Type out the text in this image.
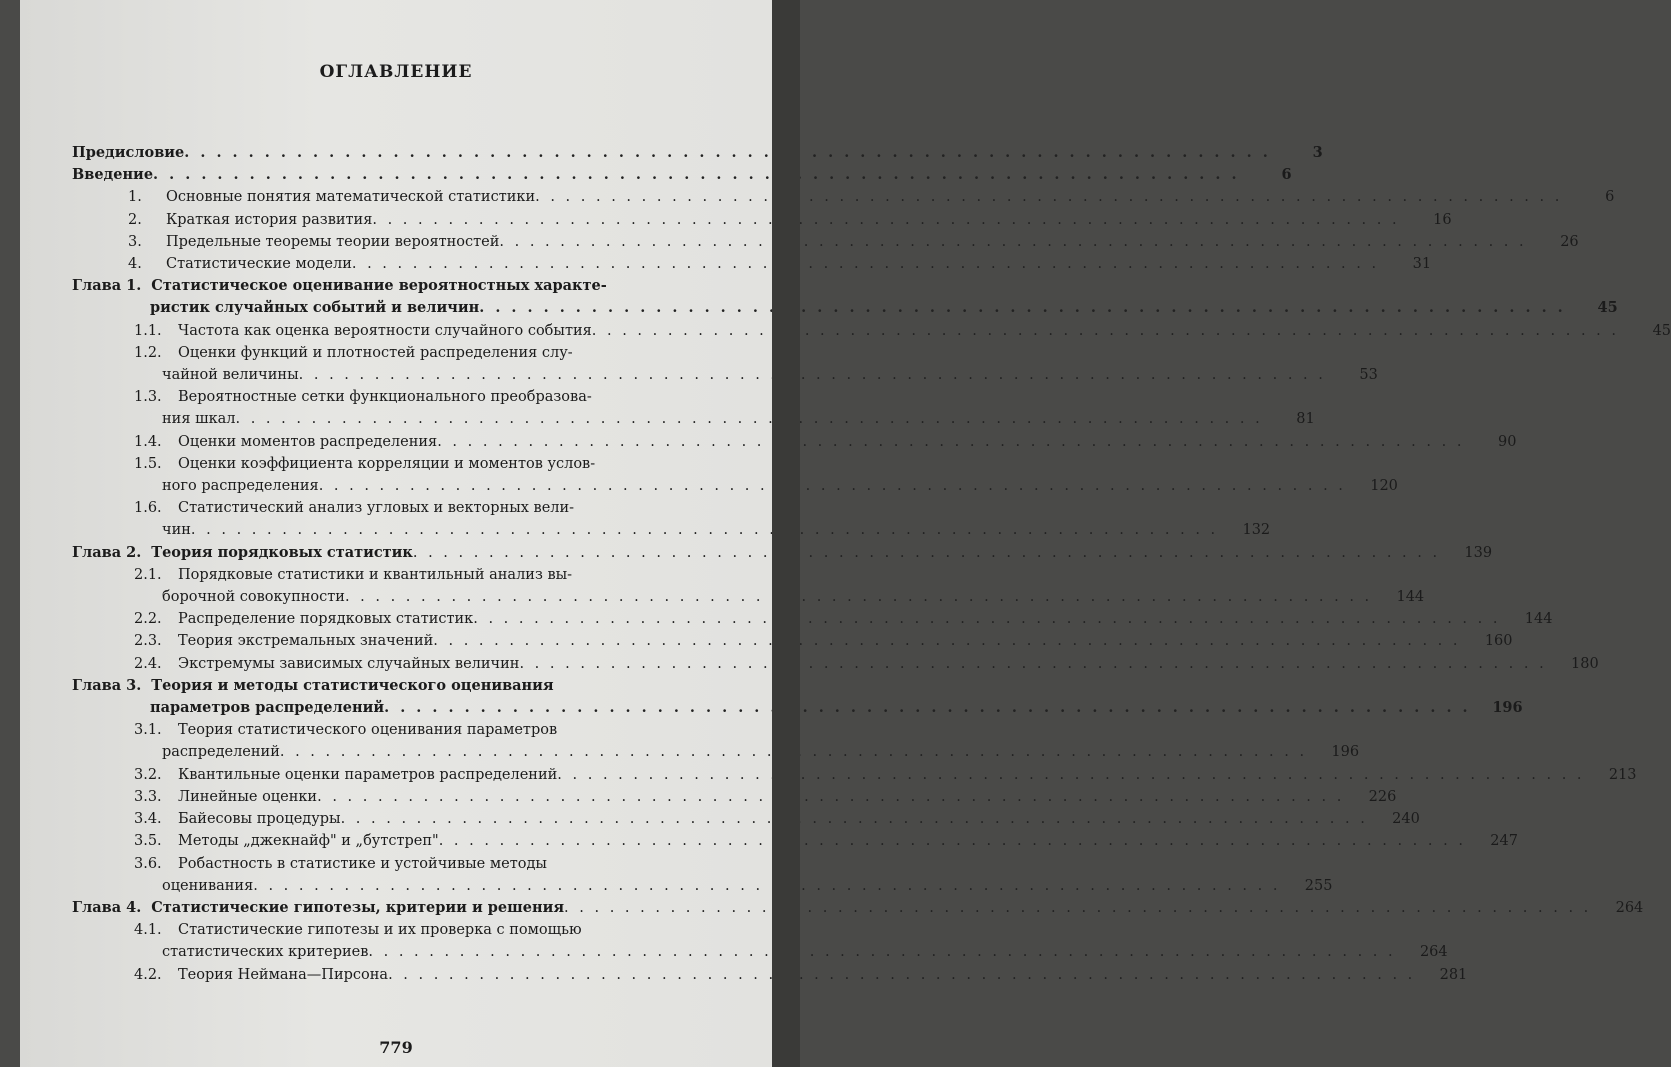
ОГЛАВЛЕНИЕ
Предисловие . . .	3
Введение . . .	6
1.	Основные понятия математической статистики . . .	6
2.	Краткая история развития . . .	16
3.	Предельные теоремы теории вероятностей . . .	26
4.	Статистические модели . . .	31
Глава 1. Статистическое оценивание вероятностных характе-
ристик случайных событий и величин . . .	45
1.1.	Частота как оценка вероятности случайного события . . .	45
1.2.	Оценки функций и плотностей распределения слу-
чайной величины . . .	53
1.3.	Вероятностные сетки функционального преобразова-
ния шкал . . .	81
1.4.	Оценки моментов распределения . . .	90
1.5.	Оценки коэффициента корреляции и моментов услов-
ного распределения . . .	120
1.6.	Статистический анализ угловых и векторных вели-
чин . . .	132
Глава 2. Теория порядковых статистик . . .	139
2.1.	Порядковые статистики и квантильный анализ вы-
борочной совокупности . . .	144
2.2.	Распределение порядковых статистик . . .	144
2.3.	Теория экстремальных значений . . .	160
2.4.	Экстремумы зависимых случайных величин . . .	180
Глава 3. Теория и методы статистического оценивания
параметров распределений . . .	196
3.1.	Теория статистического оценивания параметров
распределений . . .	196
3.2.	Квантильные оценки параметров распределений . . .	213
3.3.	Линейные оценки . . .	226
3.4.	Байесовы процедуры . . .	240
3.5.	Методы „джекнайф" и „бутстреп" . . .	247
3.6.	Робастность в статистике и устойчивые методы
оценивания . . .	255
Глава 4. Статистические гипотезы, критерии и решения . . .	264
4.1.	Статистические гипотезы и их проверка с помощью
статистических критериев . . .	264
4.2.	Теория Неймана—Пирсона . . .	281
779
